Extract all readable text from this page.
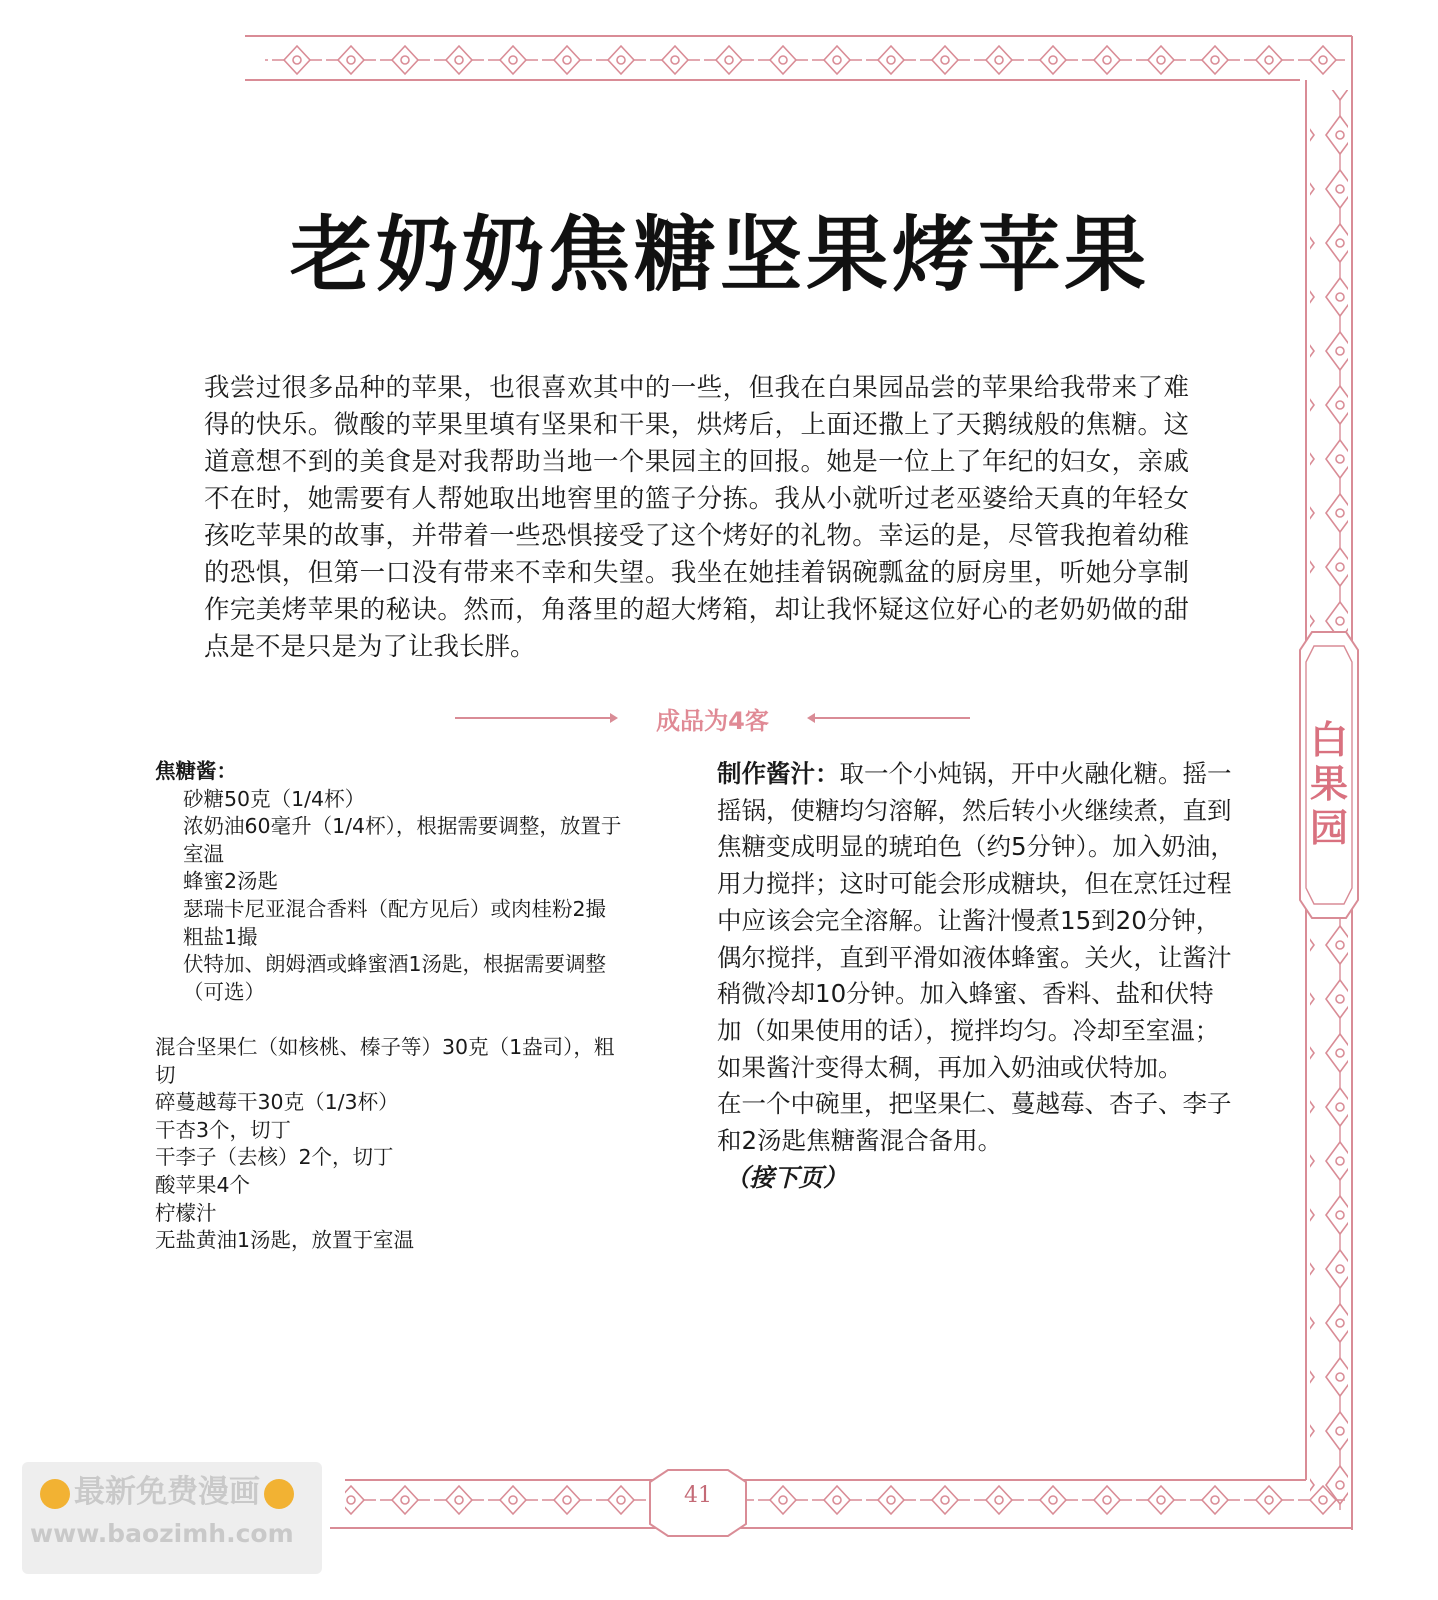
老奶奶焦糖坚果烤苹果
我尝过很多品种的苹果，也很喜欢其中的一些，但我在白果园品尝的苹果给我带来了难得的快乐。微酸的苹果里填有坚果和干果，烘烤后，上面还撒上了天鹅绒般的焦糖。这道意想不到的美食是对我帮助当地一个果园主的回报。她是一位上了年纪的妇女，亲戚不在时，她需要有人帮她取出地窖里的篮子分拣。我从小就听过老巫婆给天真的年轻女孩吃苹果的故事，并带着一些恐惧接受了这个烤好的礼物。幸运的是，尽管我抱着幼稚的恐惧，但第一口没有带来不幸和失望。我坐在她挂着锅碗瓢盆的厨房里，听她分享制作完美烤苹果的秘诀。然而，角落里的超大烤箱，却让我怀疑这位好心的老奶奶做的甜点是不是只是为了让我长胖。
成品为4客
焦糖酱：
砂糖50克（1/4杯）
浓奶油60毫升（1/4杯），根据需要调整，放置于室温
蜂蜜2汤匙
瑟瑞卡尼亚混合香料（配方见后）或肉桂粉2撮
粗盐1撮
伏特加、朗姆酒或蜂蜜酒1汤匙，根据需要调整（可选）
混合坚果仁（如核桃、榛子等）30克（1盎司），粗切
碎蔓越莓干30克（1/3杯）
干杏3个，切丁
干李子（去核）2个，切丁
酸苹果4个
柠檬汁
无盐黄油1汤匙，放置于室温
制作酱汁：取一个小炖锅，开中火融化糖。摇一摇锅，使糖均匀溶解，然后转小火继续煮，直到焦糖变成明显的琥珀色（约5分钟）。加入奶油，用力搅拌；这时可能会形成糖块，但在烹饪过程中应该会完全溶解。让酱汁慢煮15到20分钟，偶尔搅拌，直到平滑如液体蜂蜜。关火，让酱汁稍微冷却10分钟。加入蜂蜜、香料、盐和伏特加（如果使用的话），搅拌均匀。冷却至室温；如果酱汁变得太稠，再加入奶油或伏特加。
在一个中碗里，把坚果仁、蔓越莓、杏子、李子和2汤匙焦糖酱混合备用。
（接下页）
白果园
41
最新免费漫画
www.baozimh.com
